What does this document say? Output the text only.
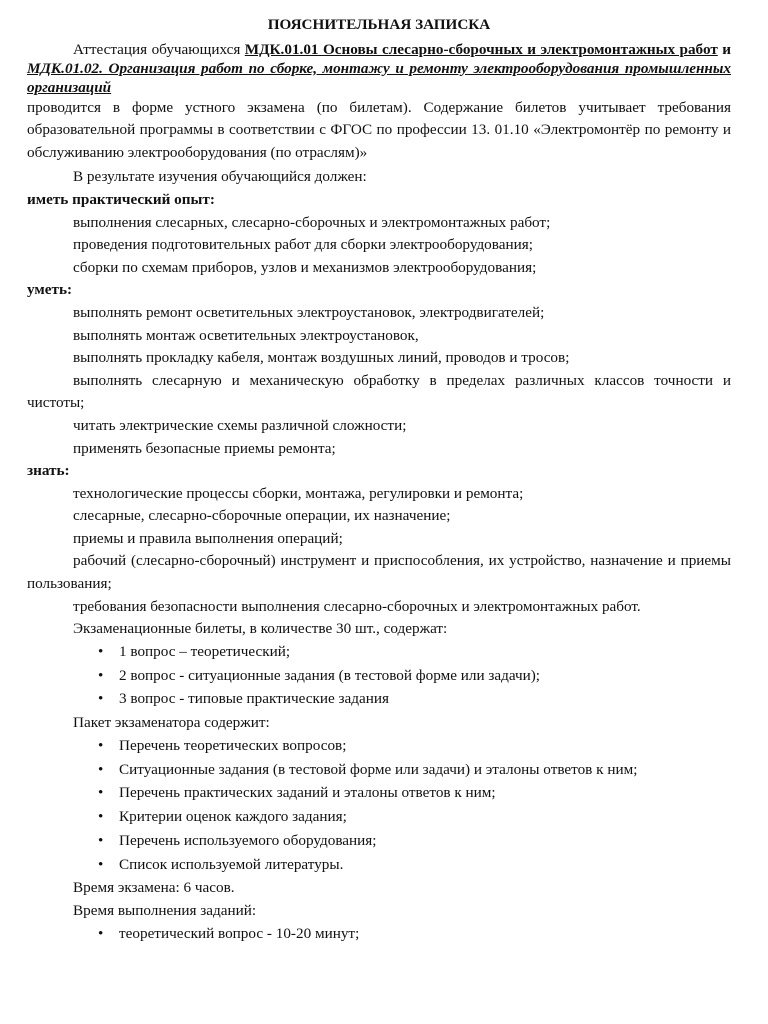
ПОЯСНИТЕЛЬНАЯ ЗАПИСКА

Аттестация обучающихся МДК.01.01 Основы слесарно-сборочных и электромонтажных работ и МДК.01.02. Организация работ по сборке, монтажу и ремонту электрооборудования промышленных организаций

проводится в форме устного экзамена (по билетам). Содержание билетов учитывает требования образовательной программы в соответствии с ФГОС по профессии 13. 01.10 «Электромонтёр по ремонту и обслуживанию электрооборудования (по отраслям)»

В результате изучения обучающийся должен:

иметь практический опыт:

выполнения слесарных, слесарно-сборочных и электромонтажных работ;

проведения подготовительных работ для сборки электрооборудования;

сборки по схемам приборов, узлов и механизмов электрооборудования;

уметь:

выполнять ремонт осветительных электроустановок, электродвигателей;

выполнять монтаж осветительных электроустановок,

выполнять прокладку кабеля, монтаж воздушных линий, проводов и тросов;

выполнять слесарную и механическую обработку в пределах различных классов точности и чистоты;

читать электрические схемы различной сложности;

применять безопасные приемы ремонта;

знать:

технологические процессы сборки, монтажа, регулировки и ремонта;

слесарные, слесарно-сборочные операции, их назначение;

приемы и правила выполнения операций;

рабочий (слесарно-сборочный) инструмент и приспособления, их устройство, назначение и приемы пользования;

требования безопасности выполнения слесарно-сборочных и электромонтажных работ.

Экзаменационные билеты, в количестве 30 шт., содержат:

• 1 вопрос – теоретический;
• 2 вопрос - ситуационные задания (в тестовой форме или задачи);
• 3 вопрос - типовые практические задания

Пакет экзаменатора содержит:

• Перечень теоретических вопросов;
• Ситуационные задания (в тестовой форме или задачи) и эталоны ответов к ним;
• Перечень практических заданий и эталоны ответов к ним;
• Критерии оценок каждого задания;
• Перечень используемого оборудования;
• Список используемой литературы.

Время экзамена: 6 часов.

Время выполнения заданий:

• теоретический вопрос - 10-20 минут;
